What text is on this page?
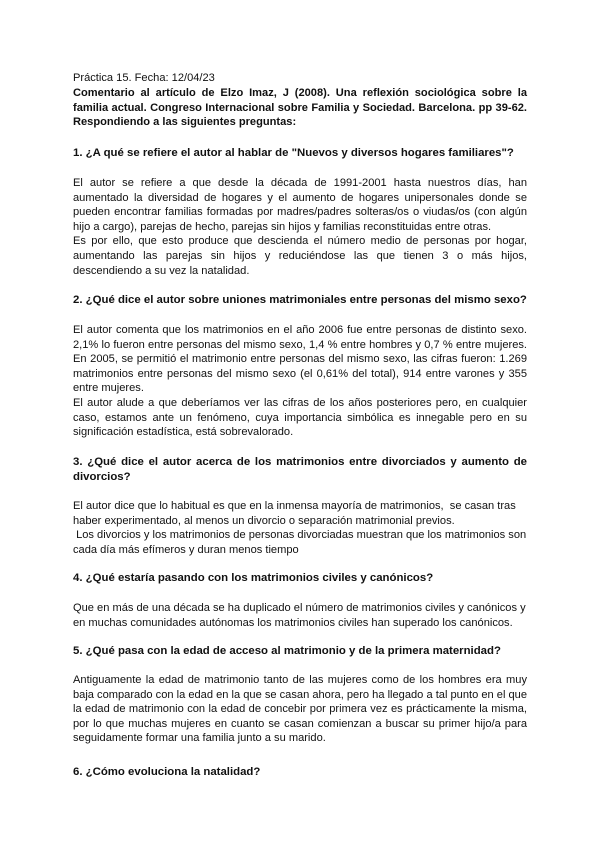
Práctica 15. Fecha: 12/04/23
Comentario al artículo de Elzo Imaz, J (2008). Una reflexión sociológica sobre la
familia actual. Congreso Internacional sobre Familia y Sociedad. Barcelona. pp 39-62.
Respondiendo a las siguientes preguntas:
1. ¿A qué se refiere el autor al hablar de "Nuevos y diversos hogares familiares"?
El autor se refiere a que desde la década de 1991-2001 hasta nuestros días, han
aumentado la diversidad de hogares y el aumento de hogares unipersonales donde se
pueden encontrar familias formadas por madres/padres solteras/os o viudas/os (con algún
hijo a cargo), parejas de hecho, parejas sin hijos y familias reconstituidas entre otras.
Es por ello, que esto produce que descienda el número medio de personas por hogar,
aumentando las parejas sin hijos y reduciéndose las que tienen 3 o más hijos,
descendiendo a su vez la natalidad.
2. ¿Qué dice el autor sobre uniones matrimoniales entre personas del mismo sexo?
El autor comenta que los matrimonios en el año 2006 fue entre personas de distinto sexo.
2,1% lo fueron entre personas del mismo sexo, 1,4 % entre hombres y 0,7 % entre mujeres.
En 2005, se permitió el matrimonio entre personas del mismo sexo, las cifras fueron: 1.269
matrimonios entre personas del mismo sexo (el 0,61% del total), 914 entre varones y 355
entre mujeres.
El autor alude a que deberíamos ver las cifras de los años posteriores pero, en cualquier
caso, estamos ante un fenómeno, cuya importancia simbólica es innegable pero en su
significación estadística, está sobrevalorado.
3. ¿Qué dice el autor acerca de los matrimonios entre divorciados y aumento de
divorcios?
El autor dice que lo habitual es que en la inmensa mayoría de matrimonios,  se casan tras
haber experimentado, al menos un divorcio o separación matrimonial previos.
Los divorcios y los matrimonios de personas divorciadas muestran que los matrimonios son
cada día más efímeros y duran menos tiempo
4. ¿Qué estaría pasando con los matrimonios civiles y canónicos?
Que en más de una década se ha duplicado el número de matrimonios civiles y canónicos y
en muchas comunidades autónomas los matrimonios civiles han superado los canónicos.
5. ¿Qué pasa con la edad de acceso al matrimonio y de la primera maternidad?
Antiguamente la edad de matrimonio tanto de las mujeres como de los hombres era muy
baja comparado con la edad en la que se casan ahora, pero ha llegado a tal punto en el que
la edad de matrimonio con la edad de concebir por primera vez es prácticamente la misma,
por lo que muchas mujeres en cuanto se casan comienzan a buscar su primer hijo/a para
seguidamente formar una familia junto a su marido.
6. ¿Cómo evoluciona la natalidad?
